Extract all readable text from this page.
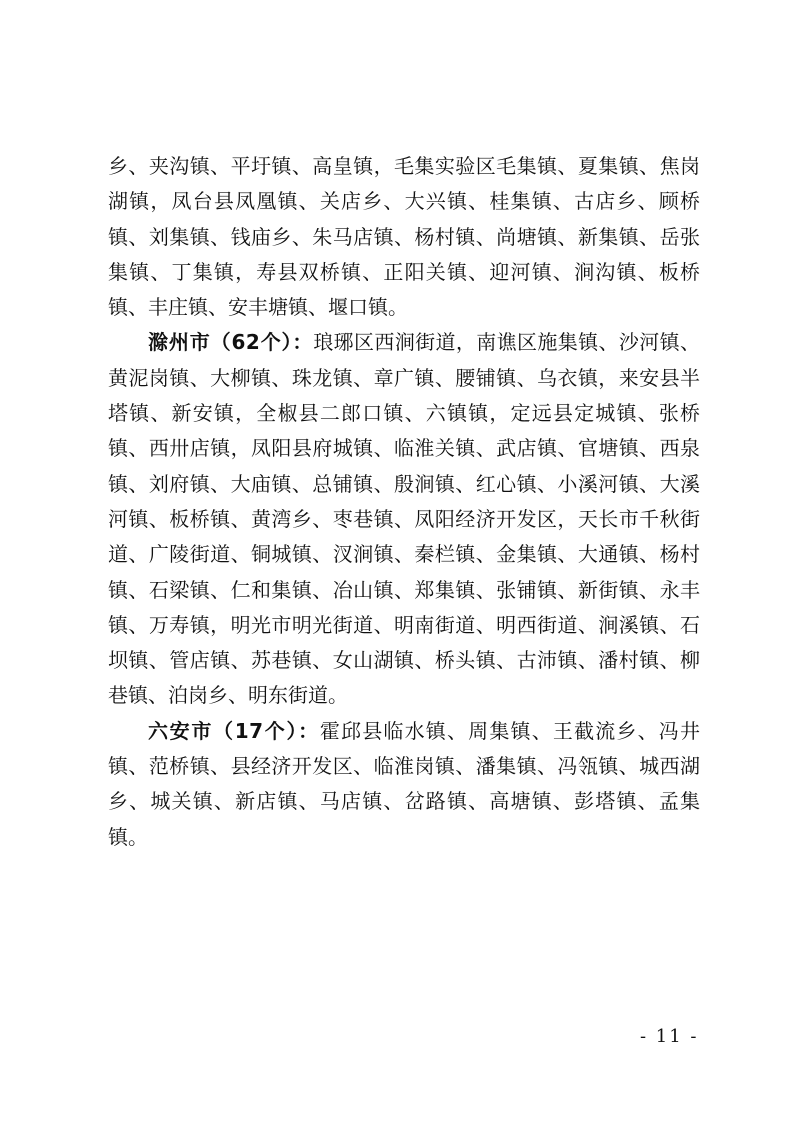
乡、夹沟镇、平圩镇、高皇镇，毛集实验区毛集镇、夏集镇、焦岗湖镇，凤台县凤凰镇、关店乡、大兴镇、桂集镇、古店乡、顾桥镇、刘集镇、钱庙乡、朱马店镇、杨村镇、尚塘镇、新集镇、岳张集镇、丁集镇，寿县双桥镇、正阳关镇、迎河镇、涧沟镇、板桥镇、丰庄镇、安丰塘镇、堰口镇。

滁州市（62个）：琅琊区西涧街道，南谯区施集镇、沙河镇、黄泥岗镇、大柳镇、珠龙镇、章广镇、腰铺镇、乌衣镇，来安县半塔镇、新安镇，全椒县二郎口镇、六镇镇，定远县定城镇、张桥镇、西卅店镇，凤阳县府城镇、临淮关镇、武店镇、官塘镇、西泉镇、刘府镇、大庙镇、总铺镇、殷涧镇、红心镇、小溪河镇、大溪河镇、板桥镇、黄湾乡、枣巷镇、凤阳经济开发区，天长市千秋街道、广陵街道、铜城镇、汊涧镇、秦栏镇、金集镇、大通镇、杨村镇、石梁镇、仁和集镇、冶山镇、郑集镇、张铺镇、新街镇、永丰镇、万寿镇，明光市明光街道、明南街道、明西街道、涧溪镇、石坝镇、管店镇、苏巷镇、女山湖镇、桥头镇、古沛镇、潘村镇、柳巷镇、泊岗乡、明东街道。

六安市（17个）：霍邱县临水镇、周集镇、王截流乡、冯井镇、范桥镇、县经济开发区、临淮岗镇、潘集镇、冯瓴镇、城西湖乡、城关镇、新店镇、马店镇、岔路镇、高塘镇、彭塔镇、孟集镇。

- 11 -
